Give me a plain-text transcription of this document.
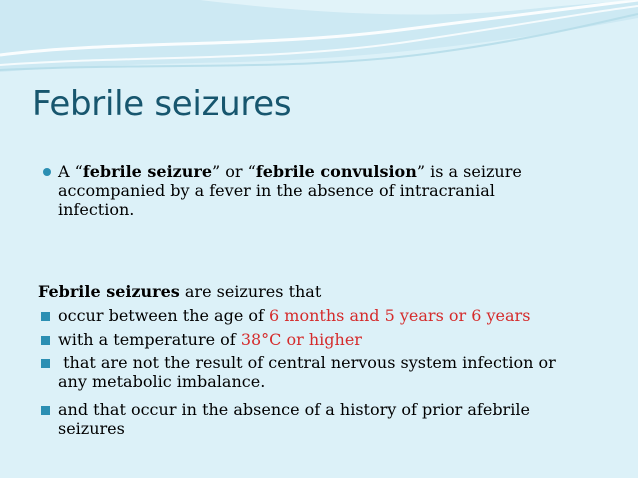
Febrile seizures
A “febrile seizure” or “febrile convulsion” is a seizure
accompanied by a fever in the absence of intracranial
infection.
Febrile seizures are seizures that
occur between the age of 6 months and 5 years or 6 years
with a temperature of 38°C or higher
that are not the result of central nervous system infection or
any metabolic imbalance.
and that occur in the absence of a history of prior afebrile
seizures
